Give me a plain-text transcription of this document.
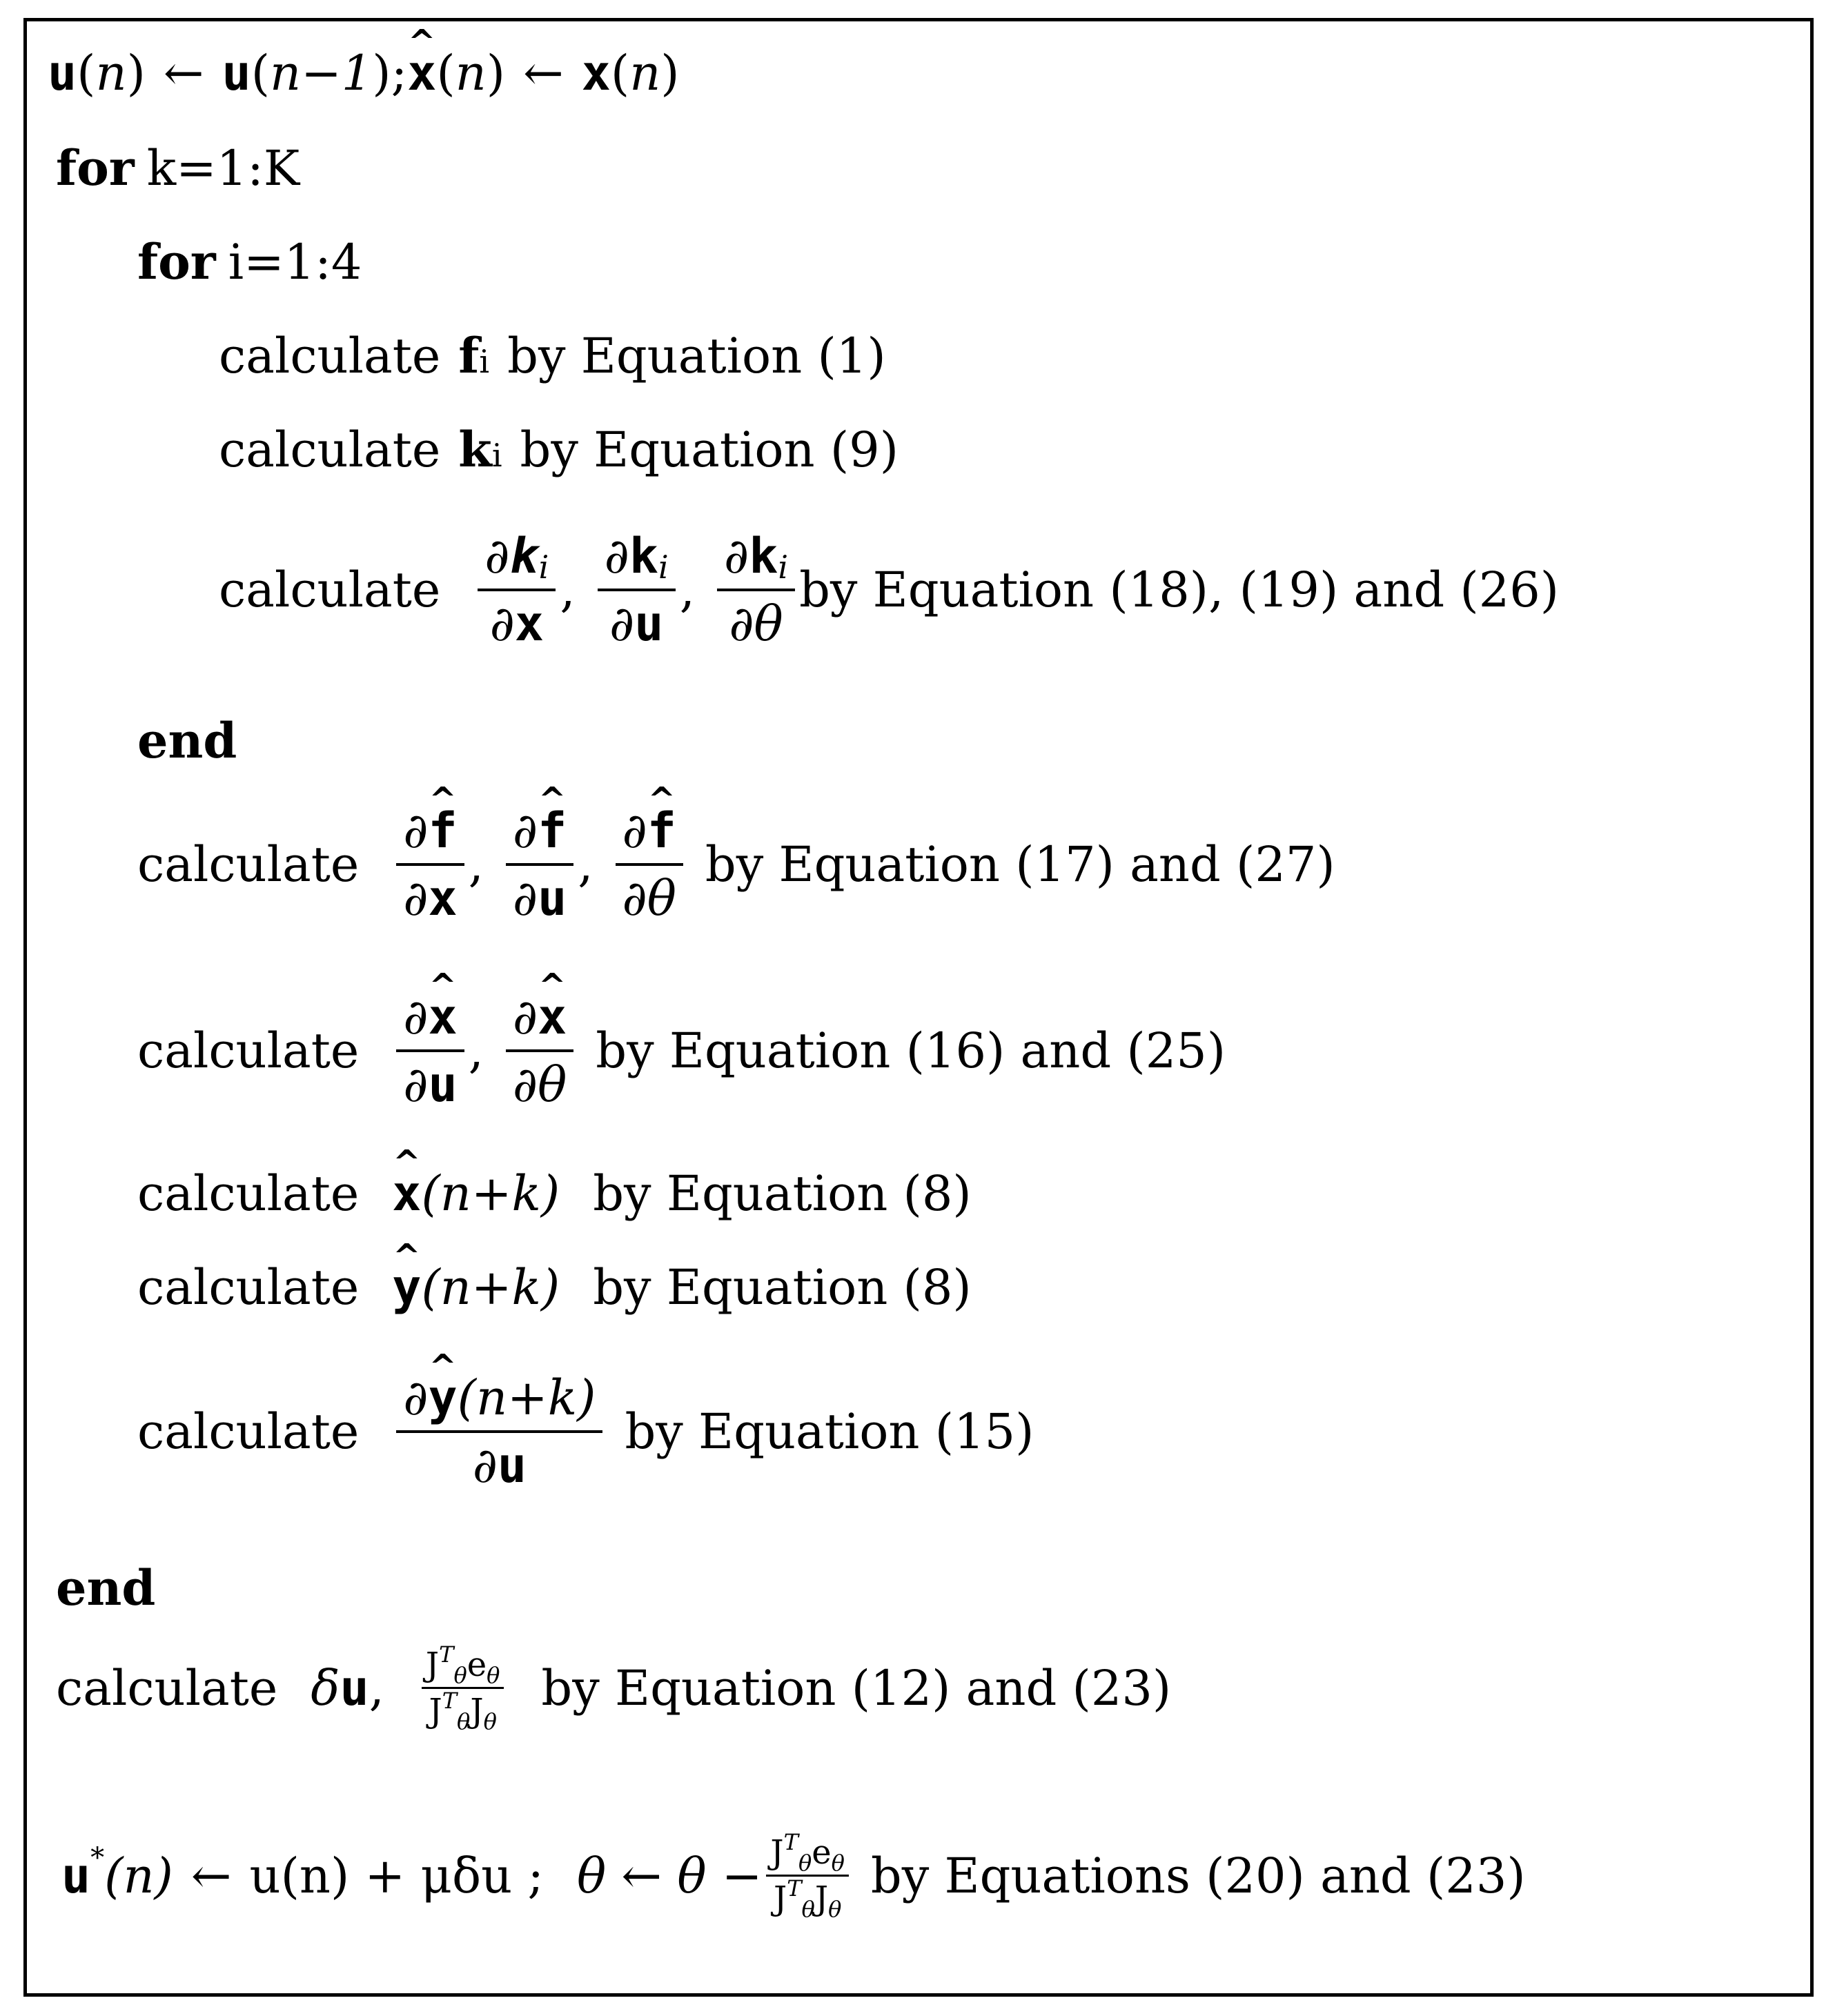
u ( n ) ← u ( n−1 ) ; ^ x ( n ) ← x ( n )
for k=1:K
for i=1:4
calculate f i by Equation (1)
calculate k i by Equation (9)
calculate $\frac{\partial ki}{\partial x}$ , $\frac{\partial ki}{\partial u}$ , $\frac{\partial ki}{\partial\theta}$ by Equation (18), (19) and (26)
end
calculate $\frac{\partial\^{} f}{\partial x}$ , $\frac{\partial\^{} f}{\partial u}$ , $\frac{\partial\^{} f}{\partial\theta}$ by Equation (17) and (27)
calculate $\frac{\partial\^{} x}{\partial u}$ , $\frac{\partial\^{} x}{\partial\theta}$ by Equation (16) and (25)
calculate ^ x (n+k) by Equation (8)
calculate ^ y (n+k) by Equation (8)
calculate $\frac{\partial\^{} y(n+k)}{\partial u}$ by Equation (15)
end
calculate δ u , $\frac{J^T_\theta e_\theta}{J^T_\theta J_\theta}$ by Equation (12) and (23)
u * (n) ← u(n) + μδu ; θ ← $\theta - \frac{J^T_\theta e_\theta}{J^T_\theta J_\theta}$ by Equations (20) and (23)
